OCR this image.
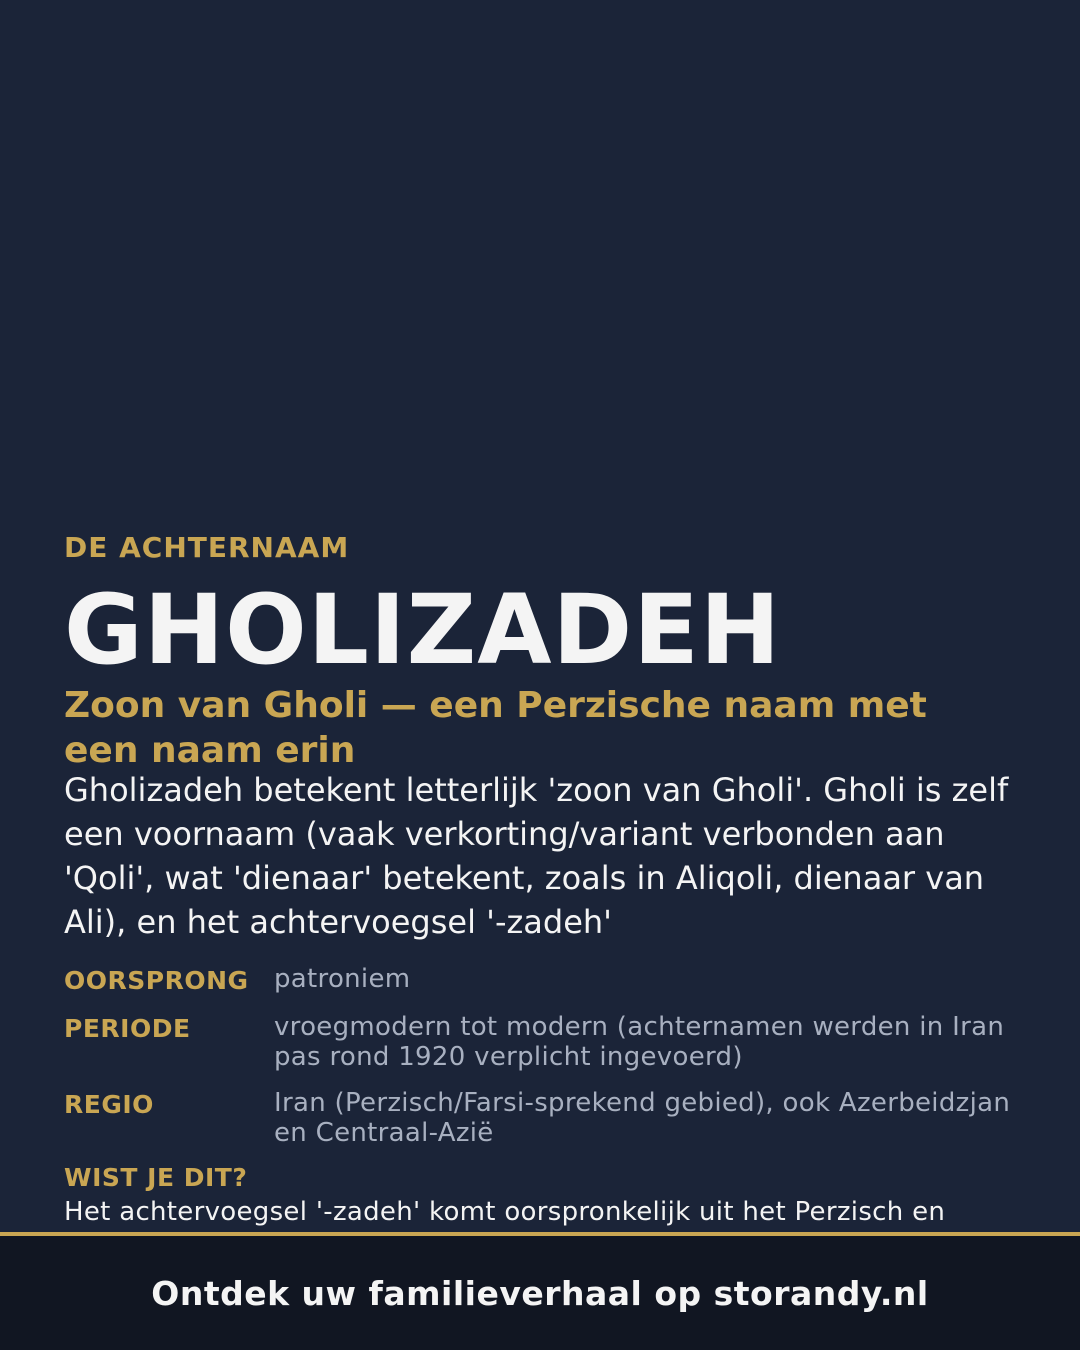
DE ACHTERNAAM

GHOLIZADEH
Zoon van Gholi — een Perzische naam met een naam erin

Gholizadeh betekent letterlijk 'zoon van Gholi'. Gholi is zelf een voornaam (vaak verkorting/variant verbonden aan 'Qoli', wat 'dienaar' betekent, zoals in Aliqoli, dienaar van Ali), en het achtervoegsel '-zadeh'

OORSPRONG patroniem
PERIODE	vroegmodern tot modern (achternamen werden in Iran pas rond 1920 verplicht ingevoerd)
REGIO	Iran (Perzisch/Farsi-sprekend gebied), ook Azerbeidzjan en Centraal-Azië
WIST JE DIT?
Het achtervoegsel '-zadeh' komt oorspronkelijk uit het Perzisch en
Ontdek uw familieverhaal op storandy.nl
